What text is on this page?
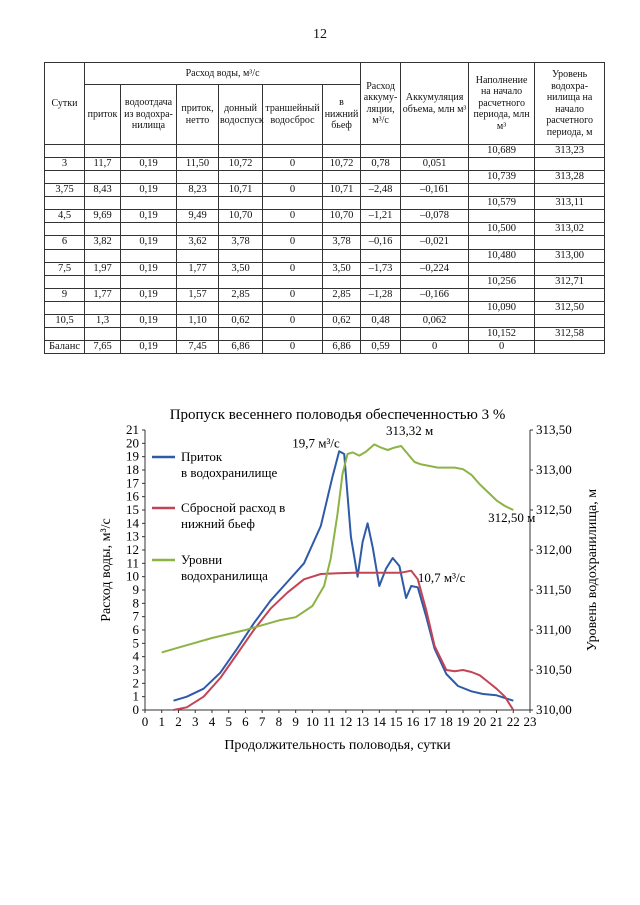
12
Сутки	Расход воды, м³/с						Расход аккуму-ляции, м³/с	Аккумуляция объема, млн м³	Наполнение на начало расчетного периода, млн м³	Уровень водохра-нилища на начало расчетного периода, м
	приток	водоотдача из водохра-нилища	приток, нетто	донный водоспуск	траншейный водосброс	в нижний бьеф				
									10,689	313,23
3	11,7	0,19	11,50	10,72	0	10,72	0,78	0,051		
									10,739	313,28
3,75	8,43	0,19	8,23	10,71	0	10,71	–2,48	–0,161		
									10,579	313,11
4,5	9,69	0,19	9,49	10,70	0	10,70	–1,21	–0,078		
									10,500	313,02
6	3,82	0,19	3,62	3,78	0	3,78	–0,16	–0,021		
									10,480	313,00
7,5	1,97	0,19	1,77	3,50	0	3,50	–1,73	–0,224		
									10,256	312,71
9	1,77	0,19	1,57	2,85	0	2,85	–1,28	–0,166		
									10,090	312,50
10,5	1,3	0,19	1,10	0,62	0	0,62	0,48	0,062		
									10,152	312,58
Баланс	7,65	0,19	7,45	6,86	0	6,86	0,59	0	0	
Пропуск весеннего половодья обеспеченностью 3 %
0 1 2 3 4 5 6 7 8 9 10 11 12 13 14 15 16 17 18 19 20 21 22 23
0
1
2
3
4
5
6
7
8
9
10
11
12
13
14
15
16
17
18
19
20
21
310,00
310,50
311,00
311,50
312,00
312,50
313,00
313,50
Продолжительность половодья, сутки
Расход воды, м³/с	Уровень водохранилища, м
Приток в водохранилище
Сбросной расход в нижний бьеф
Уровни водохранилища
19,7 м³/с
313,32 м
312,50 м
10,7 м³/с
